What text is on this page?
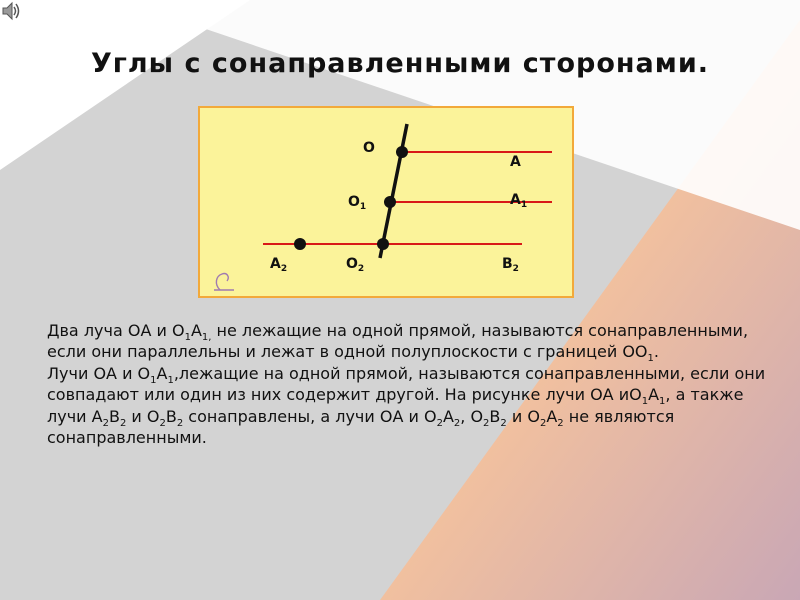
Углы с сонаправленными сторонами.
O
A
$O_1$	$A_1$
$A_2$	$O_2$	$B_2$

Два луча ОА и $О_1А_{1,}$ не лежащие на одной прямой, называются сонаправленными, если они параллельны и лежат в одной полуплоскости с границей $ОО_1$.

Лучи ОА и $О_1А_1,лежащие$ на одной прямой, называются сонаправленными, если они совпадают или один из них содержит другой. На рисунке лучи ОА $иО_1А_1$, а также лучи $А_2В_2$ и $О_2В_2$ сонаправлены, а лучи ОА и $О_2А_2$, $О_2В_2$ и $О_2А_2$ не являются сонаправленными.
